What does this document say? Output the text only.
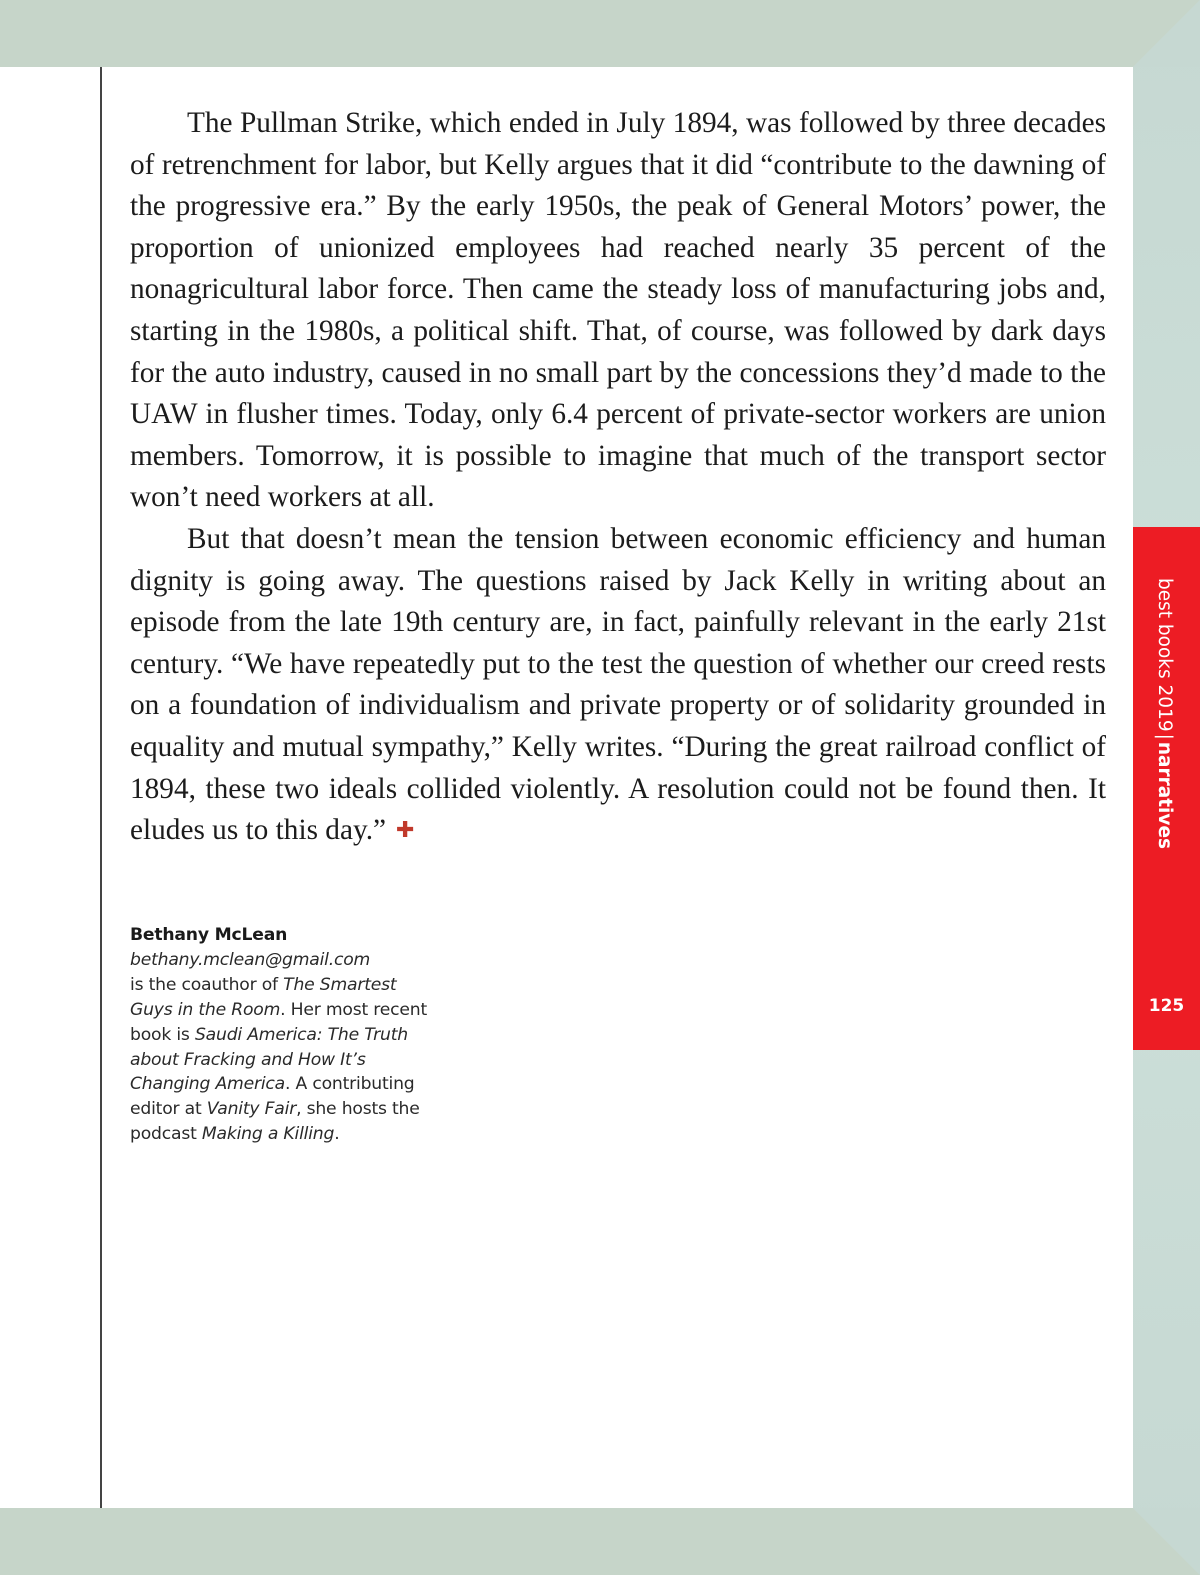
The Pullman Strike, which ended in July 1894, was followed by three decades of retrenchment for labor, but Kelly argues that it did “contribute to the dawning of the progressive era.” By the early 1950s, the peak of General Motors’ power, the proportion of unionized employees had reached nearly 35 percent of the nonagricultural labor force. Then came the steady loss of manufacturing jobs and, starting in the 1980s, a political shift. That, of course, was followed by dark days for the auto industry, caused in no small part by the concessions they’d made to the UAW in flusher times. Today, only 6.4 percent of private-sector workers are union members. Tomorrow, it is possible to imagine that much of the transport sector won’t need workers at all.

But that doesn’t mean the tension between economic efficiency and human dignity is going away. The questions raised by Jack Kelly in writing about an episode from the late 19th century are, in fact, painfully relevant in the early 21st century. “We have repeatedly put to the test the question of whether our creed rests on a foundation of individualism and private property or of solidarity grounded in equality and mutual sympathy,” Kelly writes. “During the great railroad conflict of 1894, these two ideals collided violently. A resolution could not be found then. It eludes us to this day.” ✚

Bethany McLean
bethany.mclean@gmail.com
is the coauthor of The Smartest Guys in the Room. Her most recent book is Saudi America: The Truth about Fracking and How It’s Changing America. A contributing editor at Vanity Fair, she hosts the podcast Making a Killing.
best books 2019|narratives
125
